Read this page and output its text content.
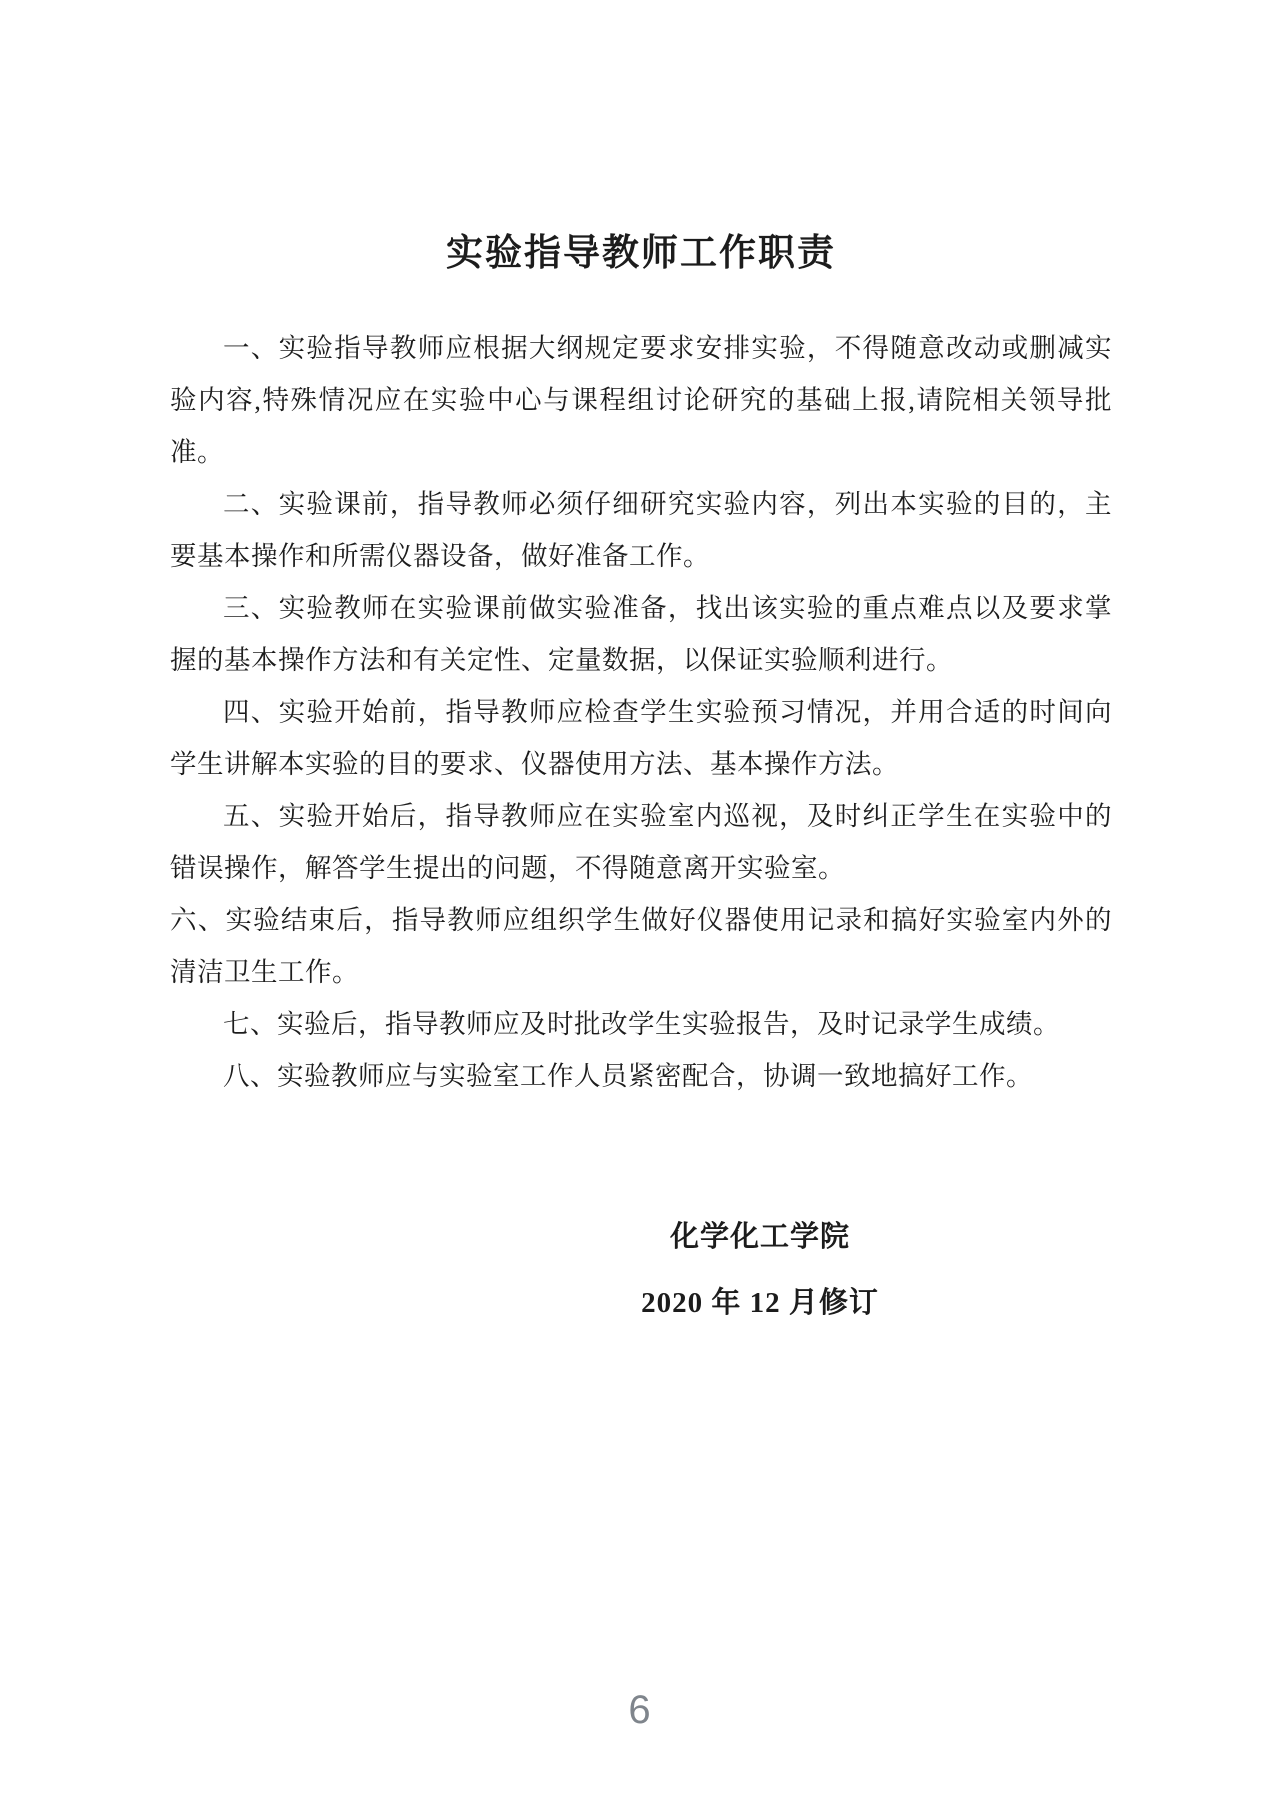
实验指导教师工作职责

一、实验指导教师应根据大纲规定要求安排实验，不得随意改动或删减实验内容,特殊情况应在实验中心与课程组讨论研究的基础上报,请院相关领导批准。

二、实验课前，指导教师必须仔细研究实验内容，列出本实验的目的，主要基本操作和所需仪器设备，做好准备工作。

三、实验教师在实验课前做实验准备，找出该实验的重点难点以及要求掌握的基本操作方法和有关定性、定量数据，以保证实验顺利进行。

四、实验开始前，指导教师应检查学生实验预习情况，并用合适的时间向学生讲解本实验的目的要求、仪器使用方法、基本操作方法。

五、实验开始后，指导教师应在实验室内巡视，及时纠正学生在实验中的错误操作，解答学生提出的问题，不得随意离开实验室。

六、实验结束后，指导教师应组织学生做好仪器使用记录和搞好实验室内外的清洁卫生工作。

七、实验后，指导教师应及时批改学生实验报告，及时记录学生成绩。

八、实验教师应与实验室工作人员紧密配合，协调一致地搞好工作。

化学化工学院
2020 年 12 月修订
6
